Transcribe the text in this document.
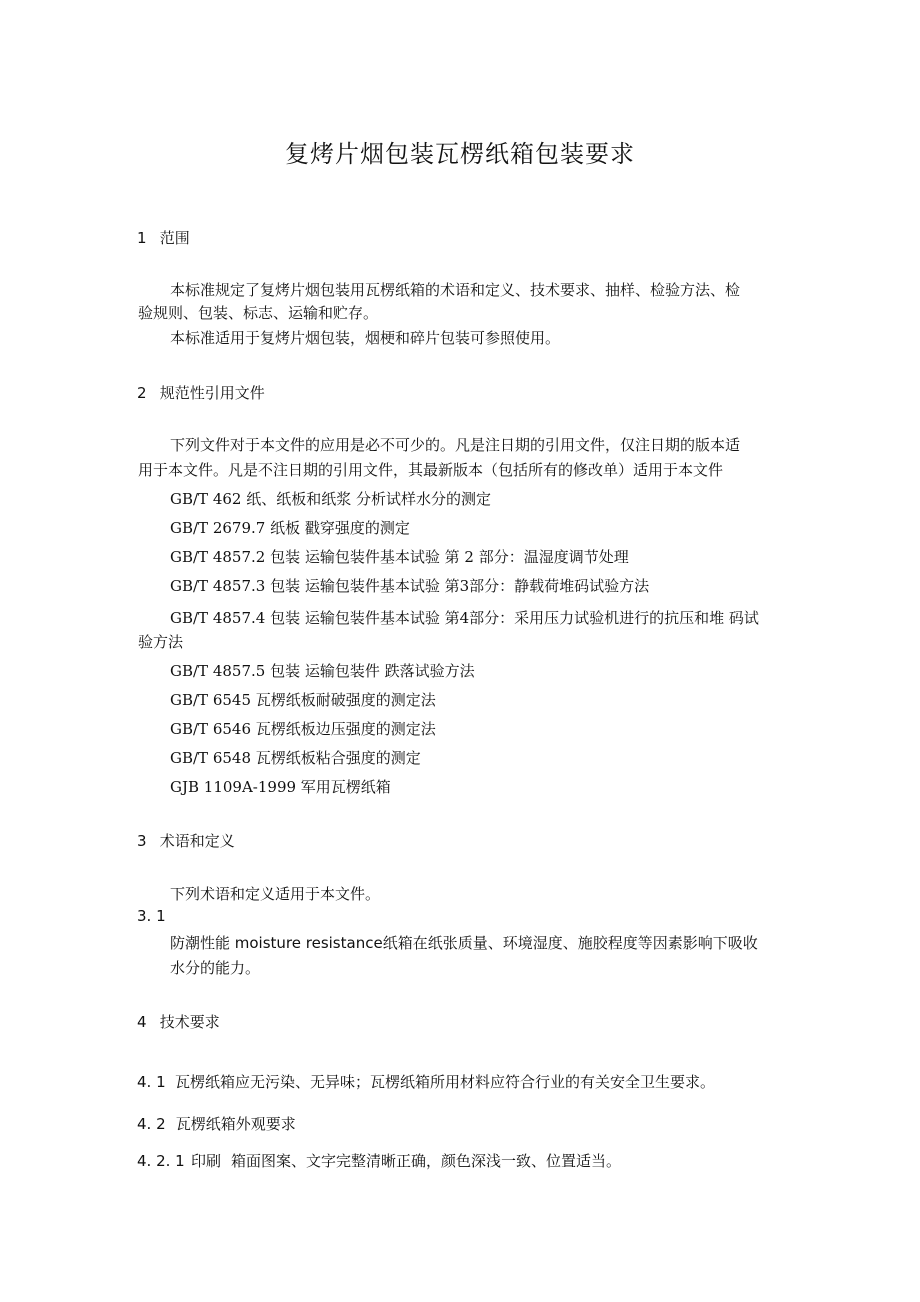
复烤片烟包装瓦楞纸箱包装要求
1 范围
本标准规定了复烤片烟包装用瓦楞纸箱的术语和定义、技术要求、抽样、检验方法、检
验规则、包装、标志、运输和贮存。
本标准适用于复烤片烟包装，烟梗和碎片包装可参照使用。
2 规范性引用文件
下列文件对于本文件的应用是必不可少的。凡是注日期的引用文件，仅注日期的版本适
用于本文件。凡是不注日期的引用文件，其最新版本（包括所有的修改单）适用于本文件
GB/T 462 纸、纸板和纸浆 分析试样水分的测定
GB/T 2679.7 纸板 戳穿强度的测定
GB/T 4857.2 包装 运输包装件基本试验 第 2 部分：温湿度调节处理
GB/T 4857.3 包装 运输包装件基本试验 第3部分：静载荷堆码试验方法
GB/T 4857.4 包装 运输包装件基本试验 第4部分：采用压力试验机进行的抗压和堆 码试
验方法
GB/T 4857.5 包装 运输包装件 跌落试验方法
GB/T 6545 瓦楞纸板耐破强度的测定法
GB/T 6546 瓦楞纸板边压强度的测定法
GB/T 6548 瓦楞纸板粘合强度的测定
GJB 1109A-1999 军用瓦楞纸箱
3 术语和定义
下列术语和定义适用于本文件。
3. 1
防潮性能 moisture resistance纸箱在纸张质量、环境湿度、施胶程度等因素影响下吸收
水分的能力。
4 技术要求
4. 1 瓦楞纸箱应无污染、无异味；瓦楞纸箱所用材料应符合行业的有关安全卫生要求。
4. 2 瓦楞纸箱外观要求
4. 2. 1 印刷 箱面图案、文字完整清晰正确，颜色深浅一致、位置适当。
